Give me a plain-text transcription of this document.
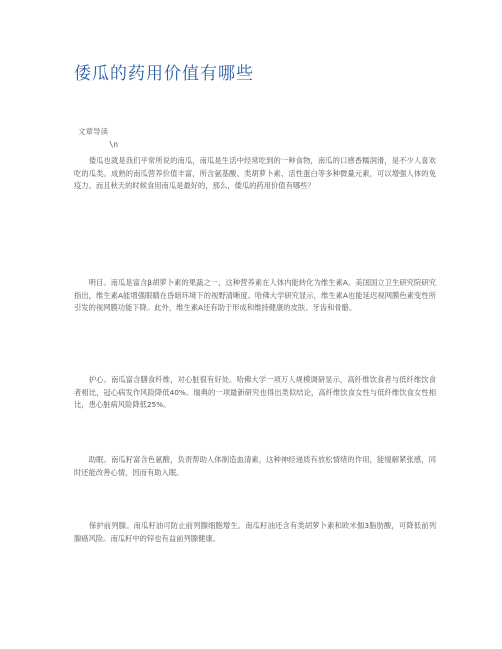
倭瓜的药用价值有哪些
文章导读
\n

　　倭瓜也就是我们平常所说的南瓜，南瓜是生活中经常吃到的一种食物，南瓜的口感香糯润滑，是不少人喜欢吃的瓜类。成熟的南瓜营养价值丰富，所含氨基酸、类胡萝卜素、活性蛋白等多种微量元素，可以增强人体的免疫力。而且秋天的时候食用南瓜是最好的，那么，倭瓜的药用价值有哪些？

　　明目。南瓜是富含β胡萝卜素的果蔬之一，这种营养素在人体内能转化为维生素A。美国国立卫生研究院研究指出，维生素A能增强眼睛在昏暗环境下的视野清晰度。哈佛大学研究显示，维生素A也能延迟视网膜色素变性所引发的视网膜功能下降。此外，维生素A还有助于形成和维持健康的皮肤、牙齿和骨骼。

　　护心。南瓜富含膳食纤维，对心脏很有好处。哈佛大学一项万人规模调研显示，高纤维饮食者与低纤维饮食者相比，冠心病发作风险降低40%。瑞典的一项最新研究也得出类似结论，高纤维饮食女性与低纤维饮食女性相比，患心脏病风险降低25%。

　　助眠。南瓜籽富含色氨酸，负责帮助人体制造血清素，这种神经递质有放松情绪的作用，能缓解紧张感，同时还能改善心情，因而有助入眠。

　　保护前列腺。南瓜籽油可防止前列腺细胞增生。南瓜籽油还含有类胡萝卜素和欧米伽3脂肪酸，可降低前列腺癌风险。南瓜籽中的锌也有益前列腺健康。
